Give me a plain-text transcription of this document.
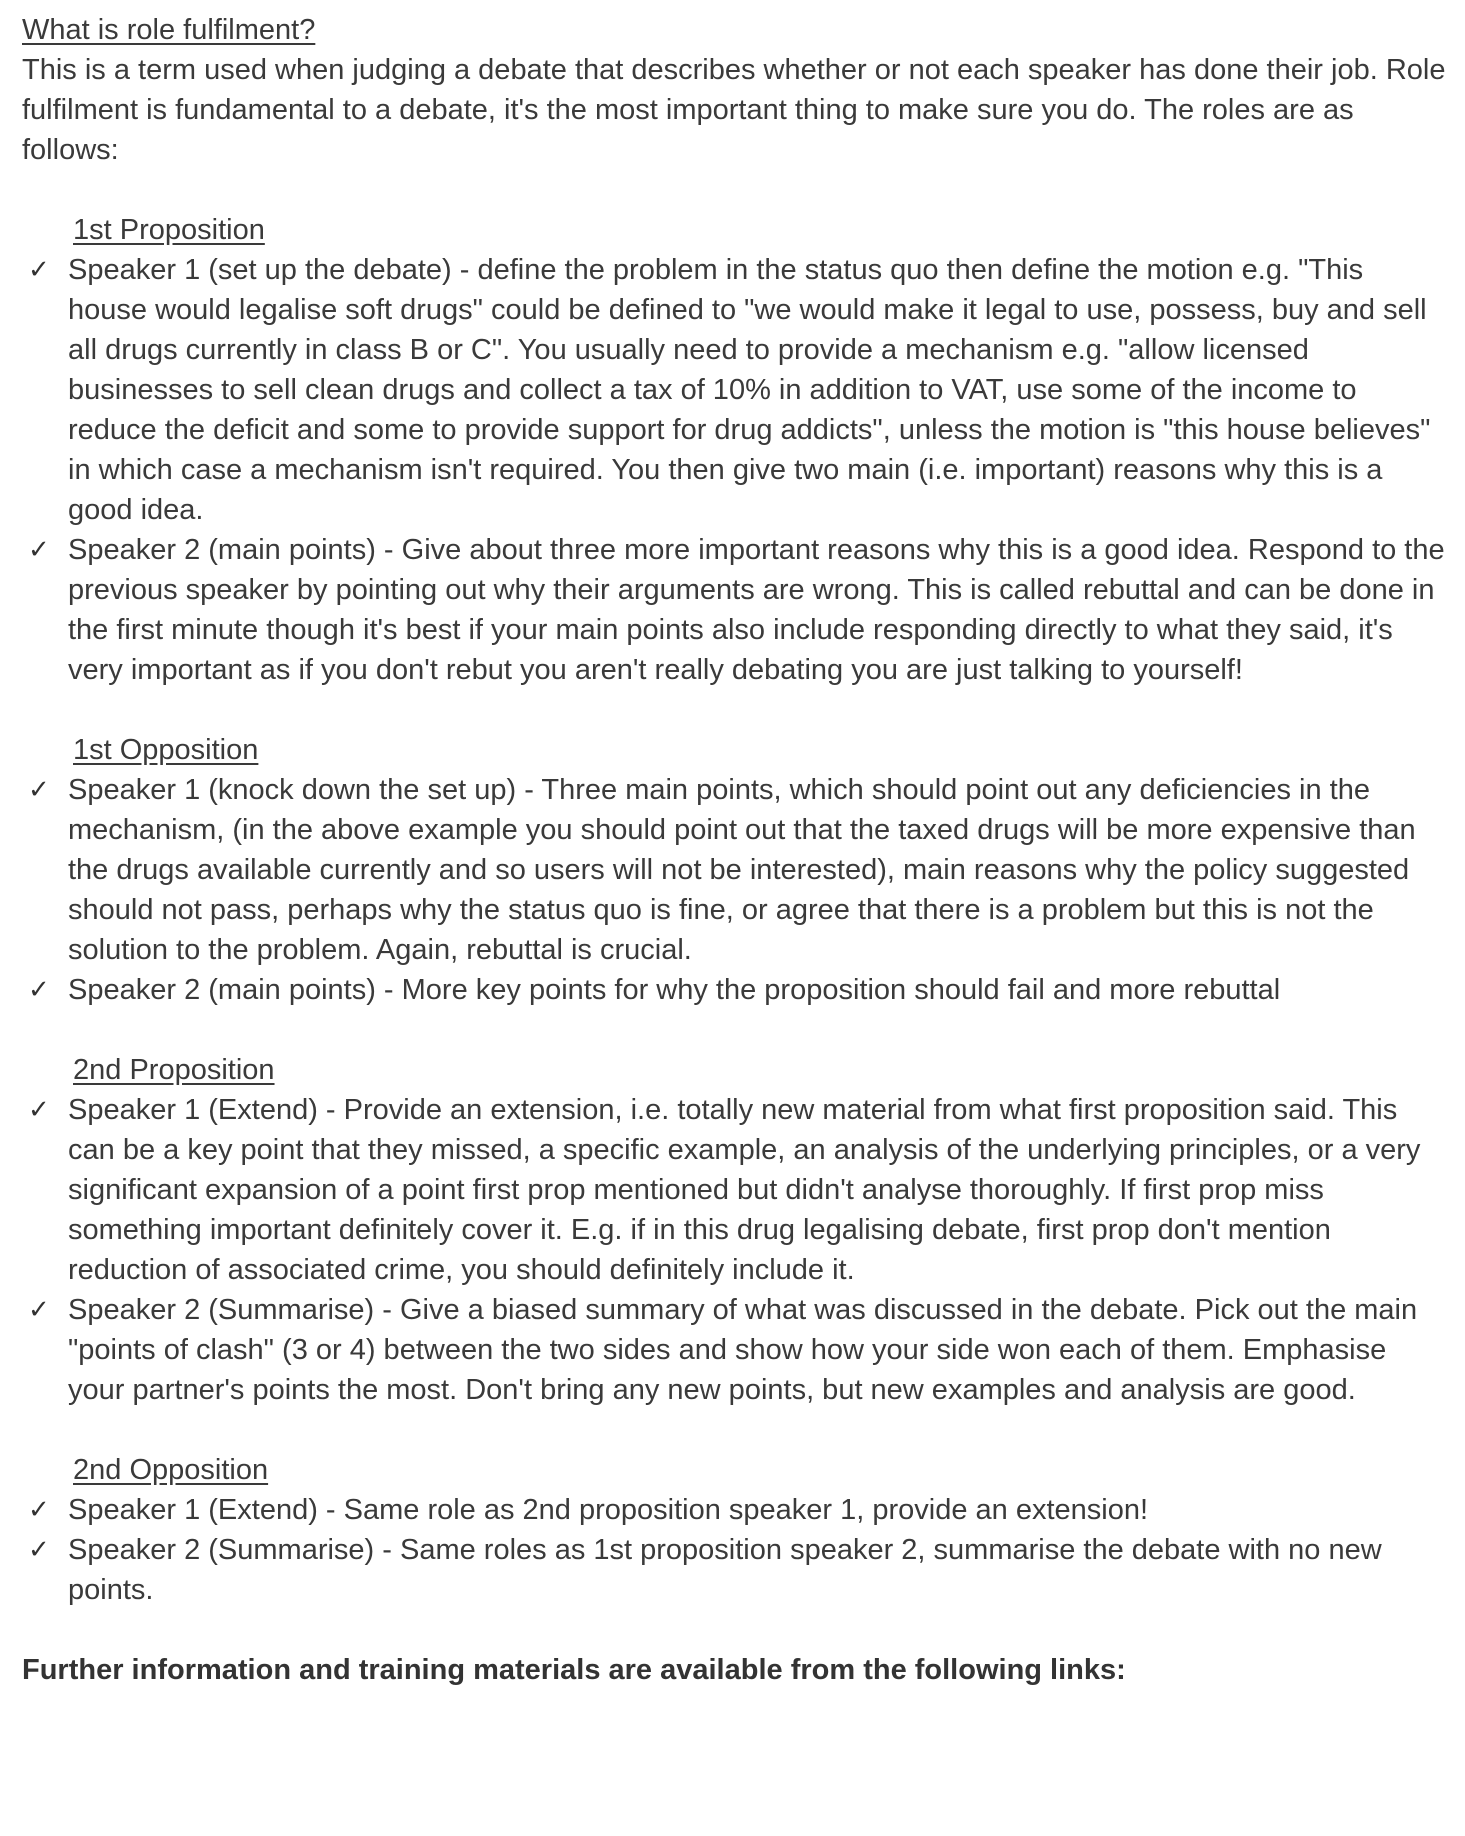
What is role fulfilment?

This is a term used when judging a debate that describes whether or not each speaker has done their job. Role fulfilment is fundamental to a debate, it's the most important thing to make sure you do. The roles are as follows:

1st Proposition

✓ Speaker 1 (set up the debate) - define the problem in the status quo then define the motion e.g. "This house would legalise soft drugs" could be defined to "we would make it legal to use, possess, buy and sell all drugs currently in class B or C". You usually need to provide a mechanism e.g. "allow licensed businesses to sell clean drugs and collect a tax of 10% in addition to VAT, use some of the income to reduce the deficit and some to provide support for drug addicts", unless the motion is "this house believes" in which case a mechanism isn't required. You then give two main (i.e. important) reasons why this is a good idea.
✓ Speaker 2 (main points) - Give about three more important reasons why this is a good idea. Respond to the previous speaker by pointing out why their arguments are wrong. This is called rebuttal and can be done in the first minute though it's best if your main points also include responding directly to what they said, it's very important as if you don't rebut you aren't really debating you are just talking to yourself!

1st Opposition

✓ Speaker 1 (knock down the set up) - Three main points, which should point out any deficiencies in the mechanism, (in the above example you should point out that the taxed drugs will be more expensive than the drugs available currently and so users will not be interested), main reasons why the policy suggested should not pass, perhaps why the status quo is fine, or agree that there is a problem but this is not the solution to the problem. Again, rebuttal is crucial.
✓ Speaker 2 (main points) - More key points for why the proposition should fail and more rebuttal

2nd Proposition

✓ Speaker 1 (Extend) - Provide an extension, i.e. totally new material from what first proposition said. This can be a key point that they missed, a specific example, an analysis of the underlying principles, or a very significant expansion of a point first prop mentioned but didn't analyse thoroughly. If first prop miss something important definitely cover it. E.g. if in this drug legalising debate, first prop don't mention reduction of associated crime, you should definitely include it.
✓ Speaker 2 (Summarise) - Give a biased summary of what was discussed in the debate. Pick out the main "points of clash" (3 or 4) between the two sides and show how your side won each of them. Emphasise your partner's points the most. Don't bring any new points, but new examples and analysis are good.

2nd Opposition

✓ Speaker 1 (Extend) - Same role as 2nd proposition speaker 1, provide an extension!
✓ Speaker 2 (Summarise) - Same roles as 1st proposition speaker 2, summarise the debate with no new points.

Further information and training materials are available from the following links:
